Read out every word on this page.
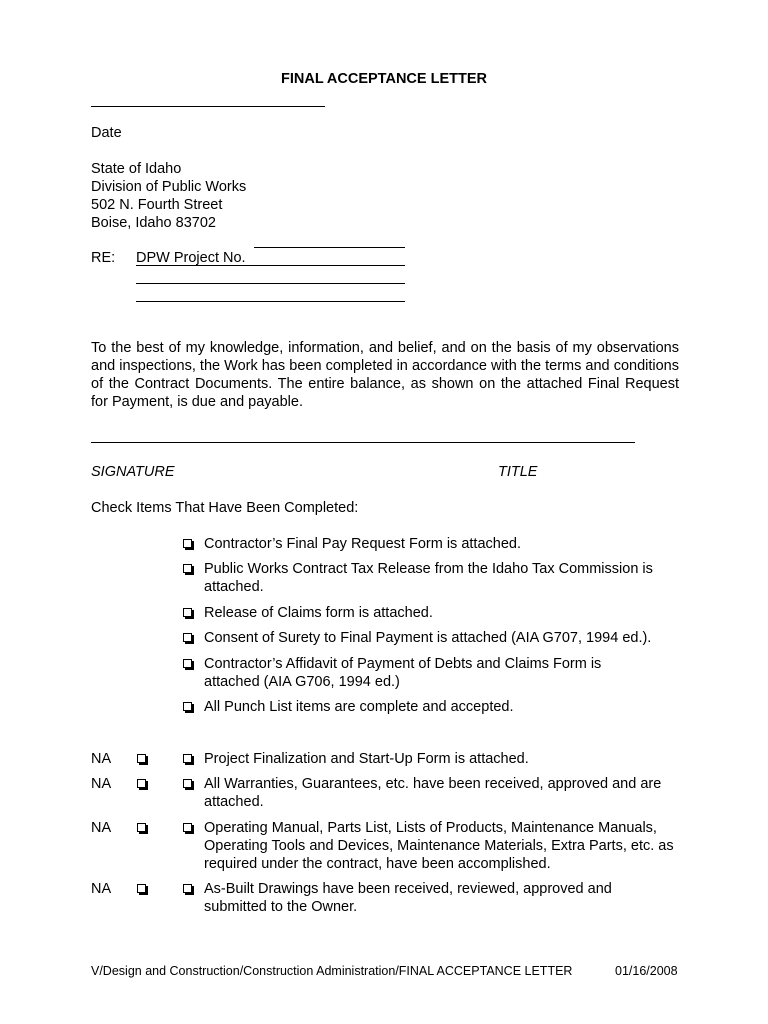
FINAL ACCEPTANCE LETTER
Date
State of Idaho
Division of Public Works
502 N. Fourth Street
Boise, Idaho 83702
RE: DPW Project No.
To the best of my knowledge, information, and belief, and on the basis of my observations and inspections, the Work has been completed in accordance with the terms and conditions of the Contract Documents. The entire balance, as shown on the attached Final Request for Payment, is due and payable.
SIGNATURE	TITLE
Check Items That Have Been Completed:
Contractor’s Final Pay Request Form is attached.
Public Works Contract Tax Release from the Idaho Tax Commission is attached.
Release of Claims form is attached.
Consent of Surety to Final Payment is attached (AIA G707, 1994 ed.).
Contractor’s Affidavit of Payment of Debts and Claims Form is attached (AIA G706, 1994 ed.)
All Punch List items are complete and accepted.
NA	Project Finalization and Start-Up Form is attached.
NA	All Warranties, Guarantees, etc. have been received, approved and are attached.
NA	Operating Manual, Parts List, Lists of Products, Maintenance Manuals, Operating Tools and Devices, Maintenance Materials, Extra Parts, etc. as required under the contract, have been accomplished.
NA	As-Built Drawings have been received, reviewed, approved and submitted to the Owner.
V/Design and Construction/Construction Administration/FINAL ACCEPTANCE LETTER	01/16/2008
